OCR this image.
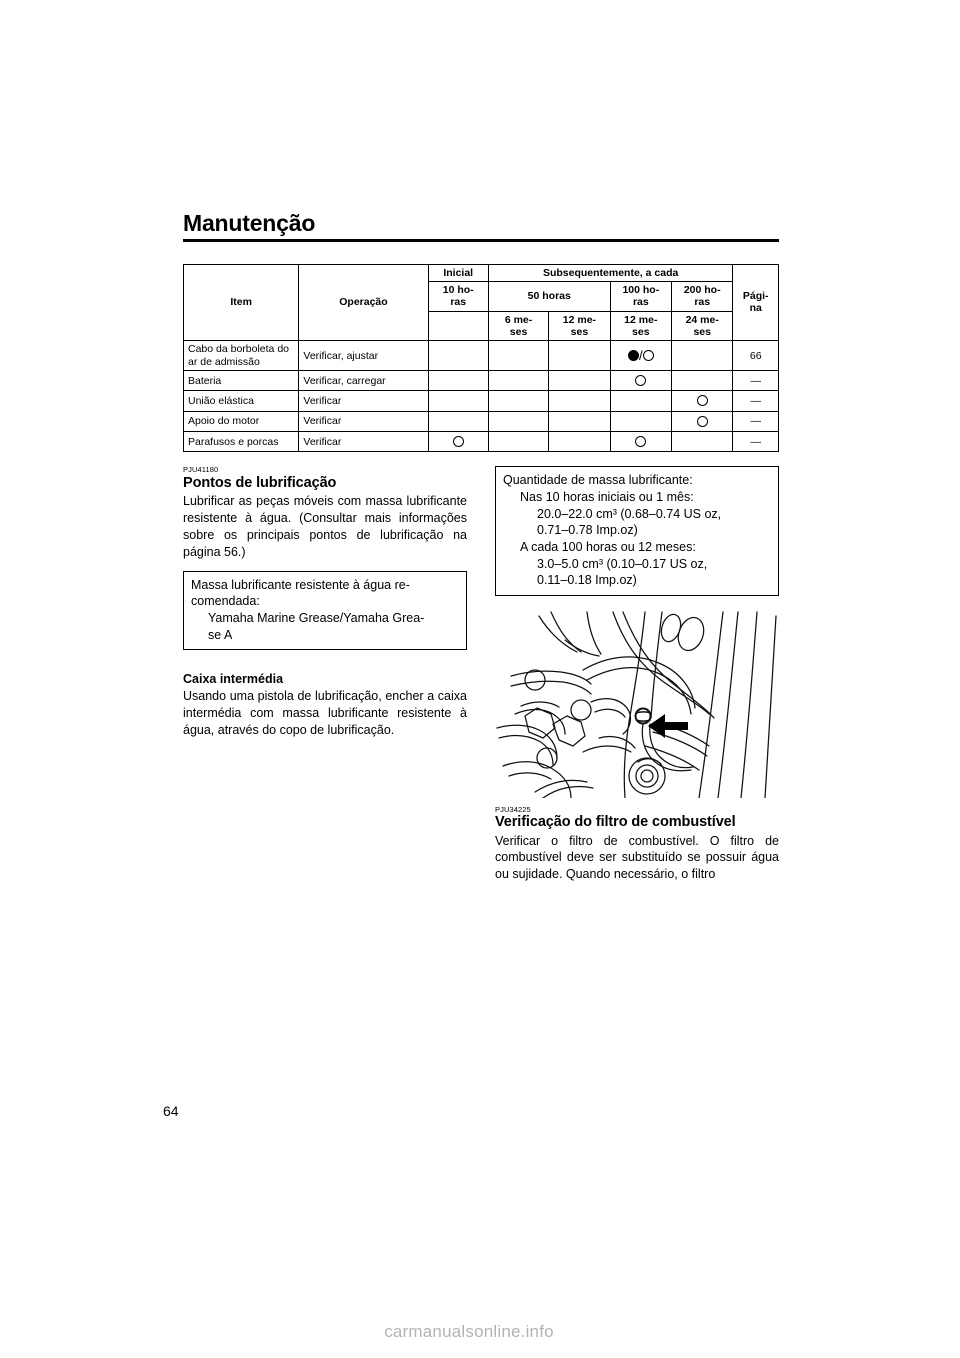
Manutenção
Item	Operação	Inicial	Subsequentemente, a cada				Pági-
na
		10 ho-
ras	50 horas		100 ho-
ras	200 ho-
ras	
			6 me-
ses	12 me-
ses	12 me-
ses	24 me-
ses	
Cabo da borboleta do ar de admissão	Verificar, ajustar				/		66
Bateria	Verificar, carregar						—
União elástica	Verificar						—
Apoio do motor	Verificar						—
Parafusos e porcas	Verificar						—
PJU41180
Pontos de lubrificação

Lubrificar as peças móveis com massa lubrificante resistente à água. (Consultar mais informações sobre os principais pontos de lubrificação na página 56.)

Massa lubrificante resistente à água re-
comendada:
Yamaha Marine Grease/Yamaha Grea-
se A
Caixa intermédia

Usando uma pistola de lubrificação, encher a caixa intermédia com massa lubrificante resistente à água, através do copo de lubrificação.

Quantidade de massa lubrificante:
Nas 10 horas iniciais ou 1 mês:
20.0–22.0 cm³ (0.68–0.74 US oz,
0.71–0.78 Imp.oz)
A cada 100 horas ou 12 meses:
3.0–5.0 cm³ (0.10–0.17 US oz,
0.11–0.18 Imp.oz)
PJU34225
Verificação do filtro de combustível

Verificar o filtro de combustível. O filtro de combustível deve ser substituído se possuir água ou sujidade. Quando necessário, o filtro

64
carmanualsonline.info
